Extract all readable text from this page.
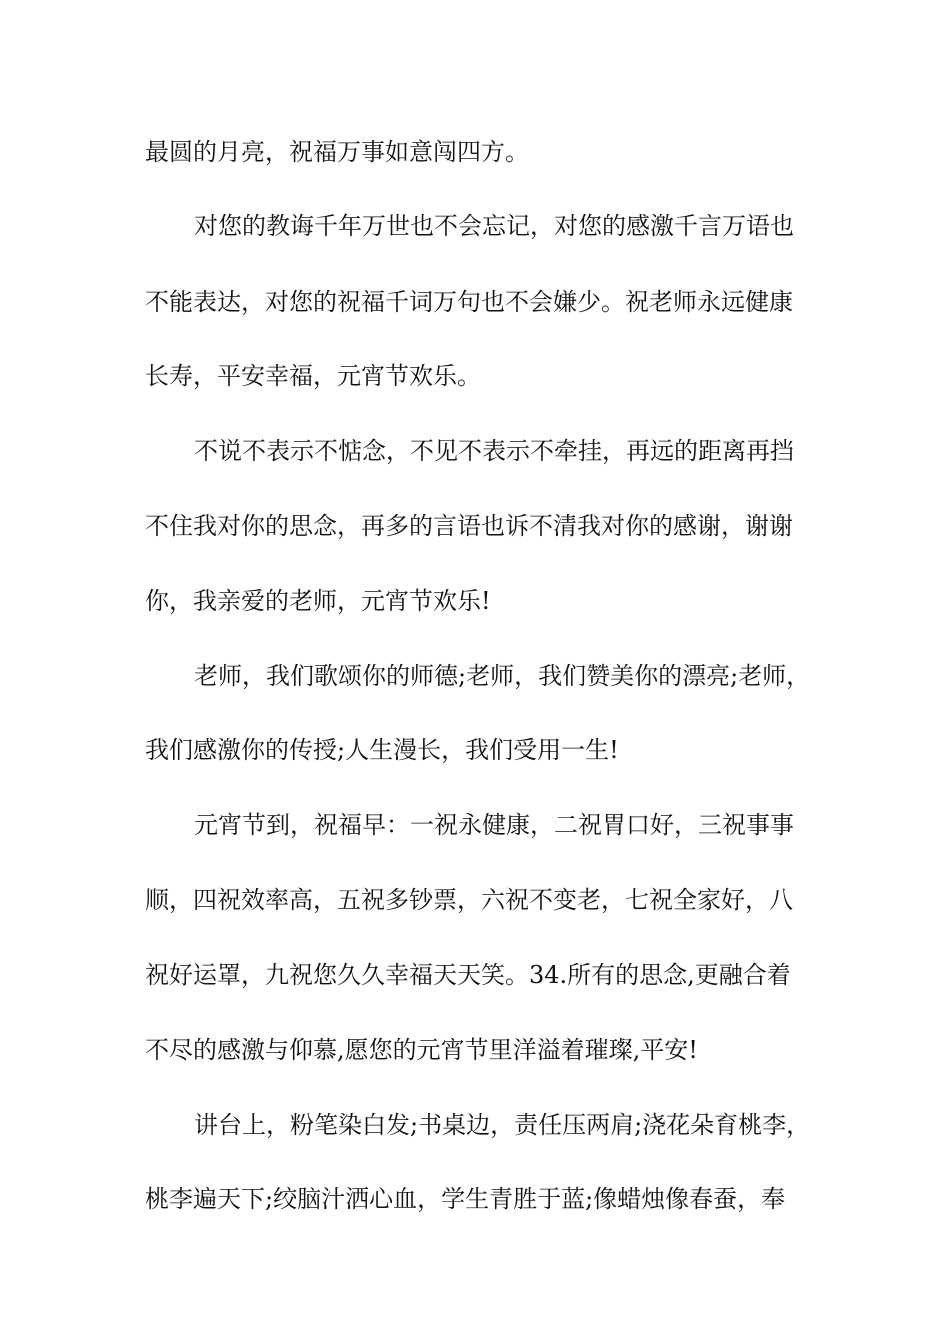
最圆的月亮，祝福万事如意闯四方。

对您的教诲千年万世也不会忘记，对您的感激千言万语也

不能表达，对您的祝福千词万句也不会嫌少。祝老师永远健康

长寿，平安幸福，元宵节欢乐。

不说不表示不惦念，不见不表示不牵挂，再远的距离再挡

不住我对你的思念，再多的言语也诉不清我对你的感谢，谢谢

你，我亲爱的老师，元宵节欢乐!

老师，我们歌颂你的师德;老师，我们赞美你的漂亮;老师，

我们感激你的传授;人生漫长，我们受用一生!

元宵节到，祝福早：一祝永健康，二祝胃口好，三祝事事

顺，四祝效率高，五祝多钞票，六祝不变老，七祝全家好，八

祝好运罩，九祝您久久幸福天天笑。34.所有的思念,更融合着

不尽的感激与仰慕,愿您的元宵节里洋溢着璀璨,平安!

讲台上，粉笔染白发;书桌边，责任压两肩;浇花朵育桃李，

桃李遍天下;绞脑汁洒心血，学生青胜于蓝;像蜡烛像春蚕，奉
